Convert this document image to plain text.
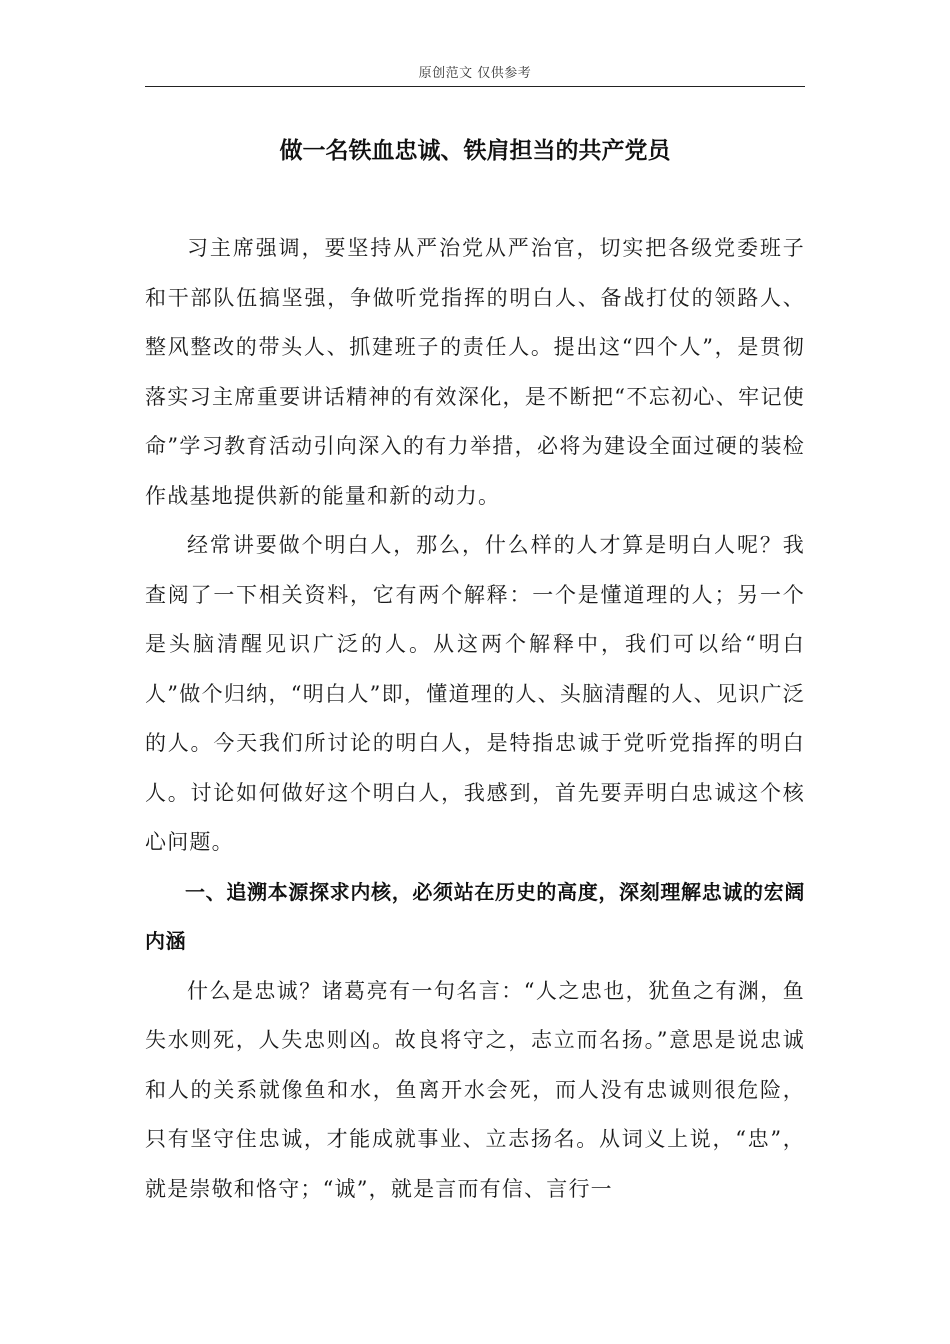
原创范文 仅供参考
做一名铁血忠诚、铁肩担当的共产党员

习主席强调，要坚持从严治党从严治官，切实把各级党委班子和干部队伍搞坚强，争做听党指挥的明白人、备战打仗的领路人、整风整改的带头人、抓建班子的责任人。提出这“四个人”，是贯彻落实习主席重要讲话精神的有效深化，是不断把“不忘初心、牢记使命”学习教育活动引向深入的有力举措，必将为建设全面过硬的装检作战基地提供新的能量和新的动力。

经常讲要做个明白人，那么，什么样的人才算是明白人呢？我查阅了一下相关资料，它有两个解释：一个是懂道理的人；另一个是头脑清醒见识广泛的人。从这两个解释中，我们可以给“明白人”做个归纳，“明白人”即，懂道理的人、头脑清醒的人、见识广泛的人。今天我们所讨论的明白人，是特指忠诚于党听党指挥的明白人。讨论如何做好这个明白人，我感到，首先要弄明白忠诚这个核心问题。

一、追溯本源探求内核，必须站在历史的高度，深刻理解忠诚的宏阔内涵

什么是忠诚？诸葛亮有一句名言：“人之忠也，犹鱼之有渊，鱼失水则死，人失忠则凶。故良将守之，志立而名扬。”意思是说忠诚和人的关系就像鱼和水，鱼离开水会死，而人没有忠诚则很危险，只有坚守住忠诚，才能成就事业、立志扬名。从词义上说，“忠”，就是崇敬和恪守；“诚”，就是言而有信、言行一
